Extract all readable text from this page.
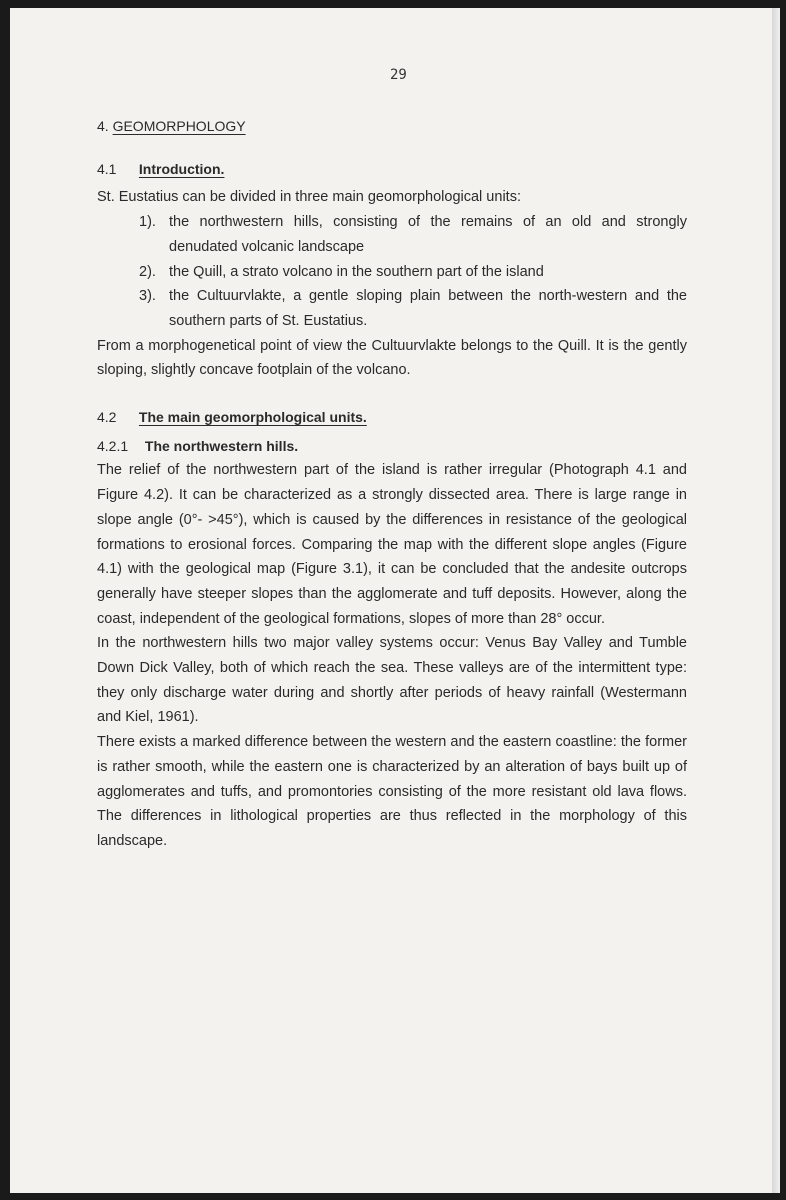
29
4. GEOMORPHOLOGY
4.1 Introduction.

St. Eustatius can be divided in three main geomorphological units:

1). the northwestern hills, consisting of the remains of an old and strongly denudated volcanic landscape
2). the Quill, a strato volcano in the southern part of the island
3). the Cultuurvlakte, a gentle sloping plain between the north-western and the southern parts of St. Eustatius.

From a morphogenetical point of view the Cultuurvlakte belongs to the Quill. It is the gently sloping, slightly concave footplain of the volcano.

4.2 The main geomorphological units.
4.2.1 The northwestern hills.

The relief of the northwestern part of the island is rather irregular (Photograph 4.1 and Figure 4.2). It can be characterized as a strongly dissected area. There is large range in slope angle (0°- >45°), which is caused by the differences in resistance of the geological formations to erosional forces. Comparing the map with the different slope angles (Figure 4.1) with the geological map (Figure 3.1), it can be concluded that the andesite outcrops generally have steeper slopes than the agglomerate and tuff deposits. However, along the coast, independent of the geological formations, slopes of more than 28° occur.

In the northwestern hills two major valley systems occur: Venus Bay Valley and Tumble Down Dick Valley, both of which reach the sea. These valleys are of the intermittent type: they only discharge water during and shortly after periods of heavy rainfall (Westermann and Kiel, 1961).

There exists a marked difference between the western and the eastern coastline: the former is rather smooth, while the eastern one is characterized by an alteration of bays built up of agglomerates and tuffs, and promontories consisting of the more resistant old lava flows. The differences in lithological properties are thus reflected in the morphology of this landscape.
